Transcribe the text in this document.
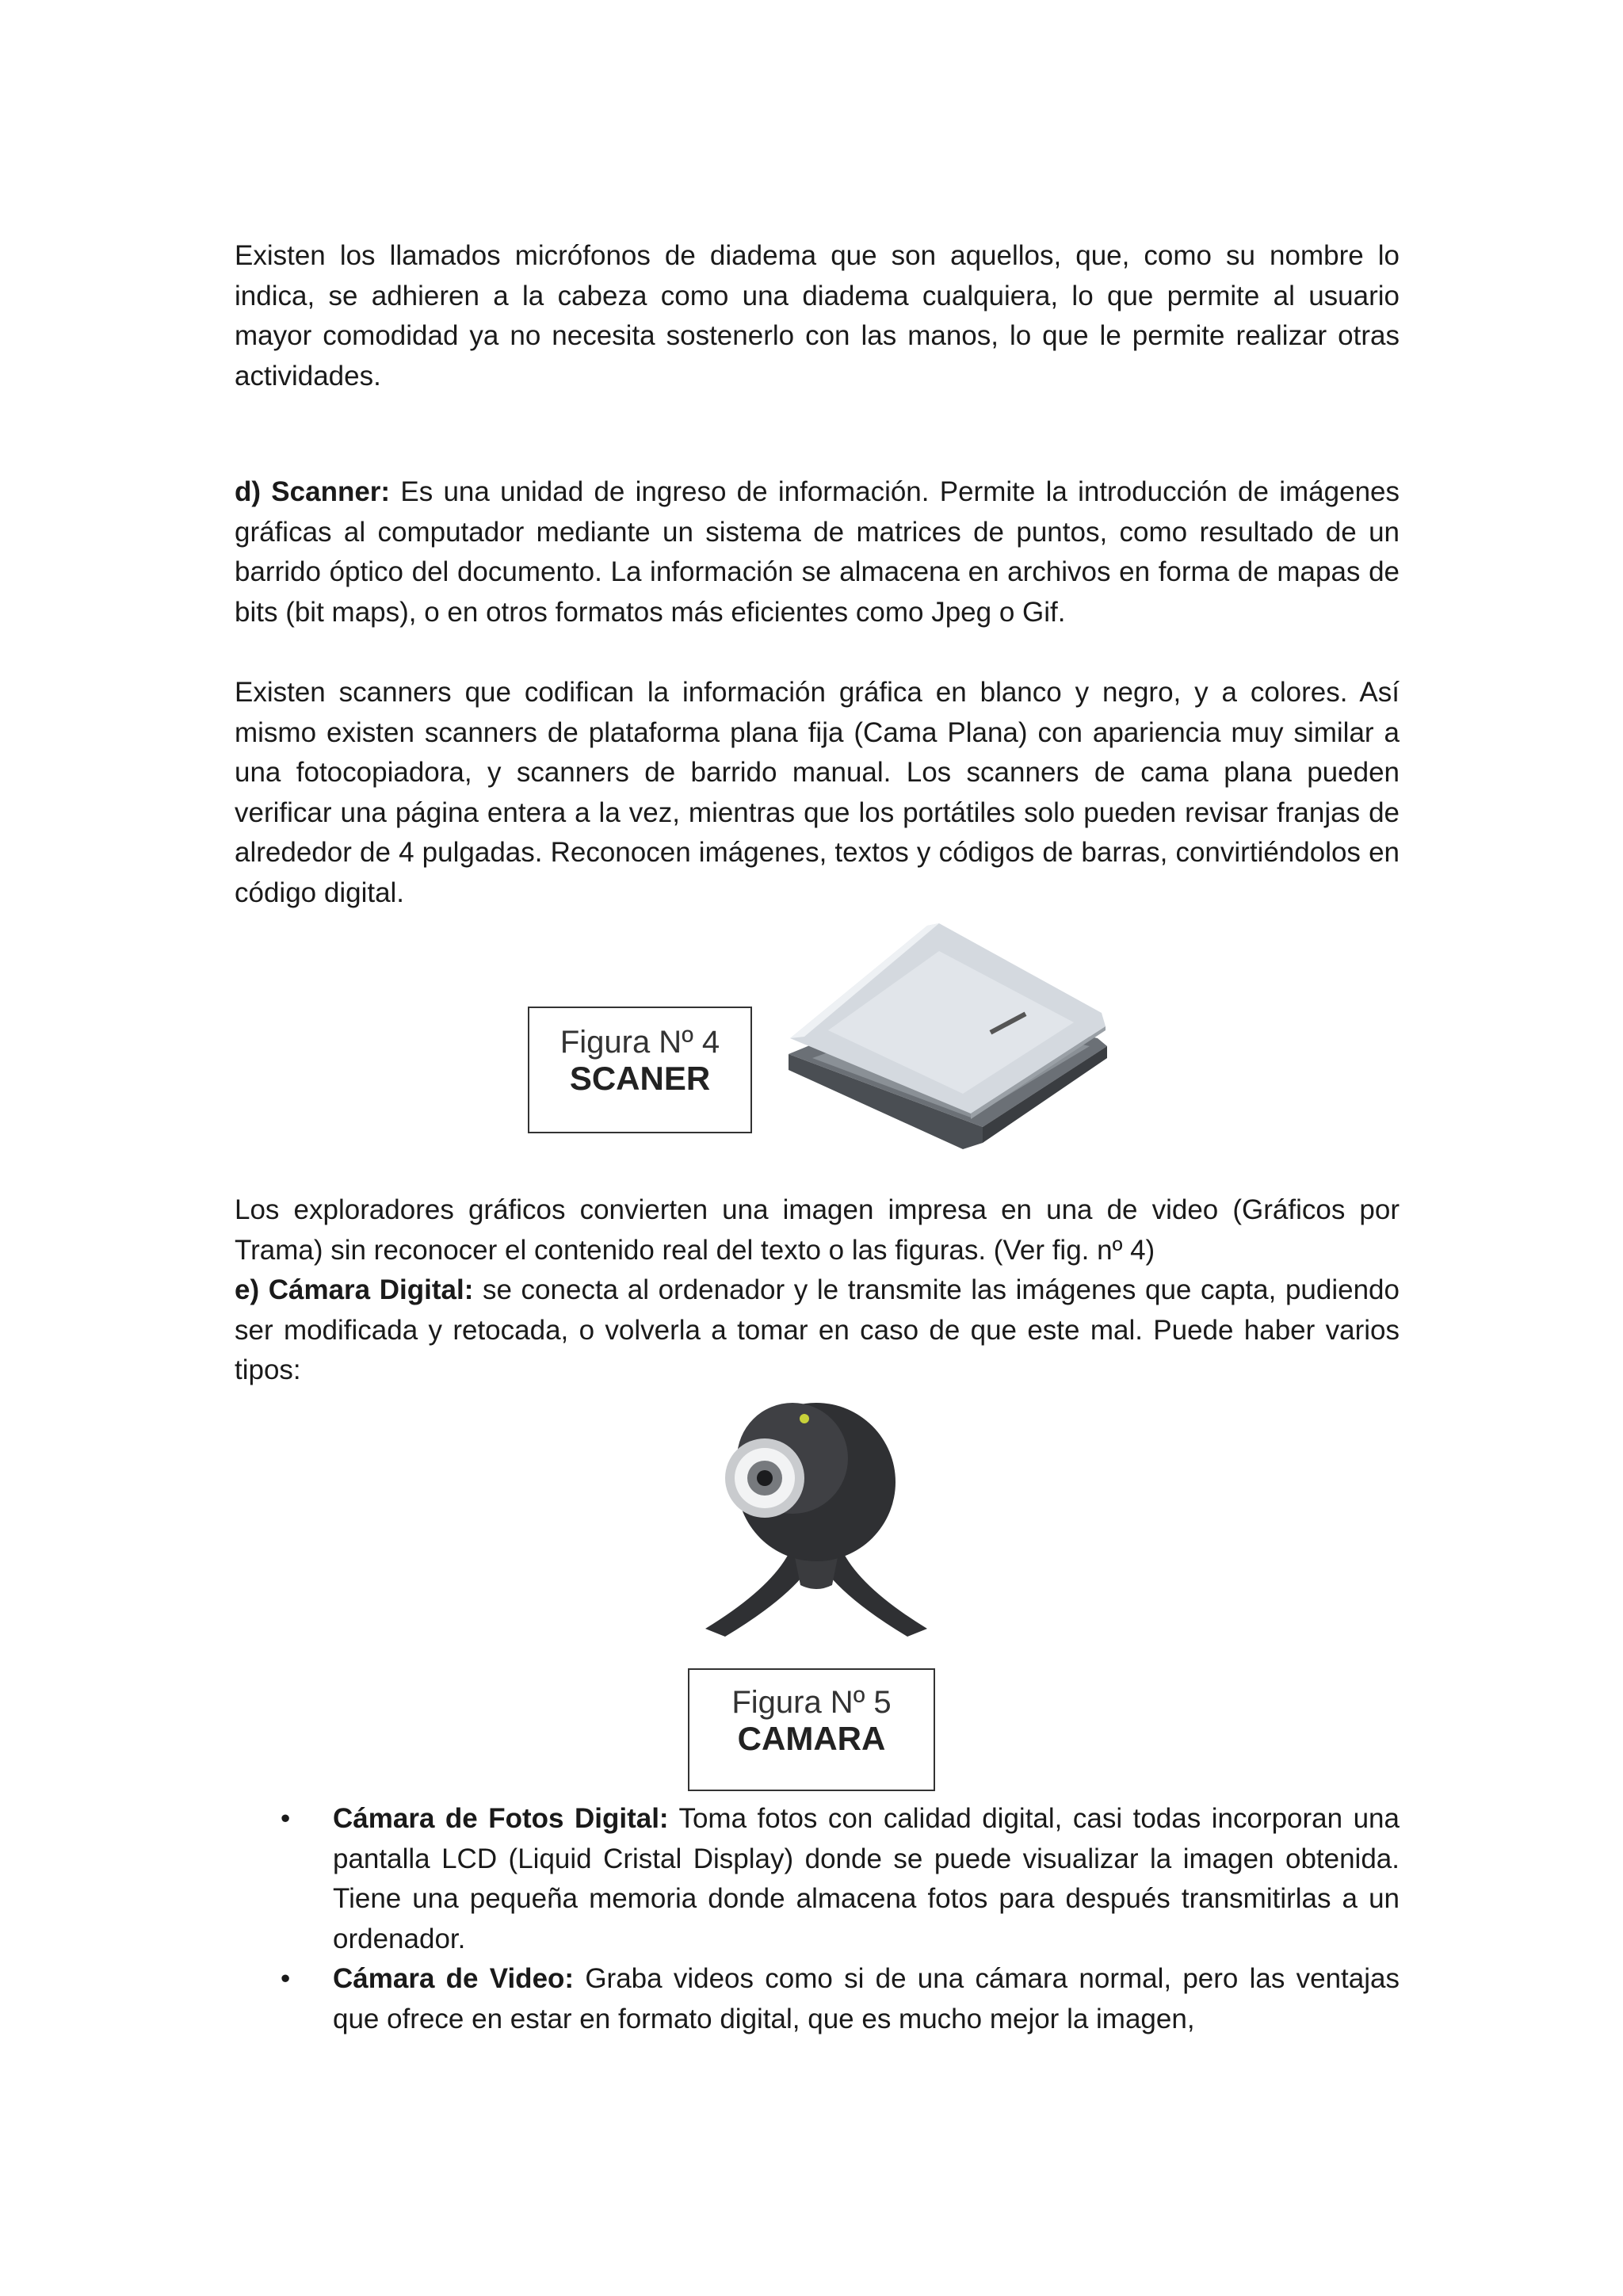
Existen los llamados micrófonos de diadema que son aquellos, que, como su nombre lo indica, se adhieren a la cabeza como una diadema cualquiera, lo que permite al usuario mayor comodidad ya no necesita sostenerlo con las manos, lo que le permite realizar otras actividades.

d) Scanner: Es una unidad de ingreso de información. Permite la introducción de imágenes gráficas al computador mediante un sistema de matrices de puntos, como resultado de un barrido óptico del documento. La información se almacena en archivos en forma de mapas de bits (bit maps), o en otros formatos más eficientes como Jpeg o Gif.

Existen scanners que codifican la información gráfica en blanco y negro, y a colores. Así mismo existen scanners de plataforma plana fija (Cama Plana) con apariencia muy similar a una fotocopiadora, y scanners de barrido manual. Los scanners de cama plana pueden verificar una página entera a la vez, mientras que los portátiles solo pueden revisar franjas de alrededor de 4 pulgadas. Reconocen imágenes, textos y códigos de barras, convirtiéndolos en código digital.

Figura Nº 4
SCANER

Los exploradores gráficos convierten una imagen impresa en una de video (Gráficos por Trama) sin reconocer el contenido real del texto o las figuras. (Ver fig. nº 4)

e) Cámara Digital: se conecta al ordenador y le transmite las imágenes que capta, pudiendo ser modificada y retocada, o volverla a tomar en caso de que este mal. Puede haber varios tipos:

Figura Nº 5
CAMARA
• Cámara de Fotos Digital: Toma fotos con calidad digital, casi todas incorporan una pantalla LCD (Liquid Cristal Display) donde se puede visualizar la imagen obtenida. Tiene una pequeña memoria donde almacena fotos para después transmitirlas a un ordenador.
• Cámara de Video: Graba videos como si de una cámara normal, pero las ventajas que ofrece en estar en formato digital, que es mucho mejor la imagen,
